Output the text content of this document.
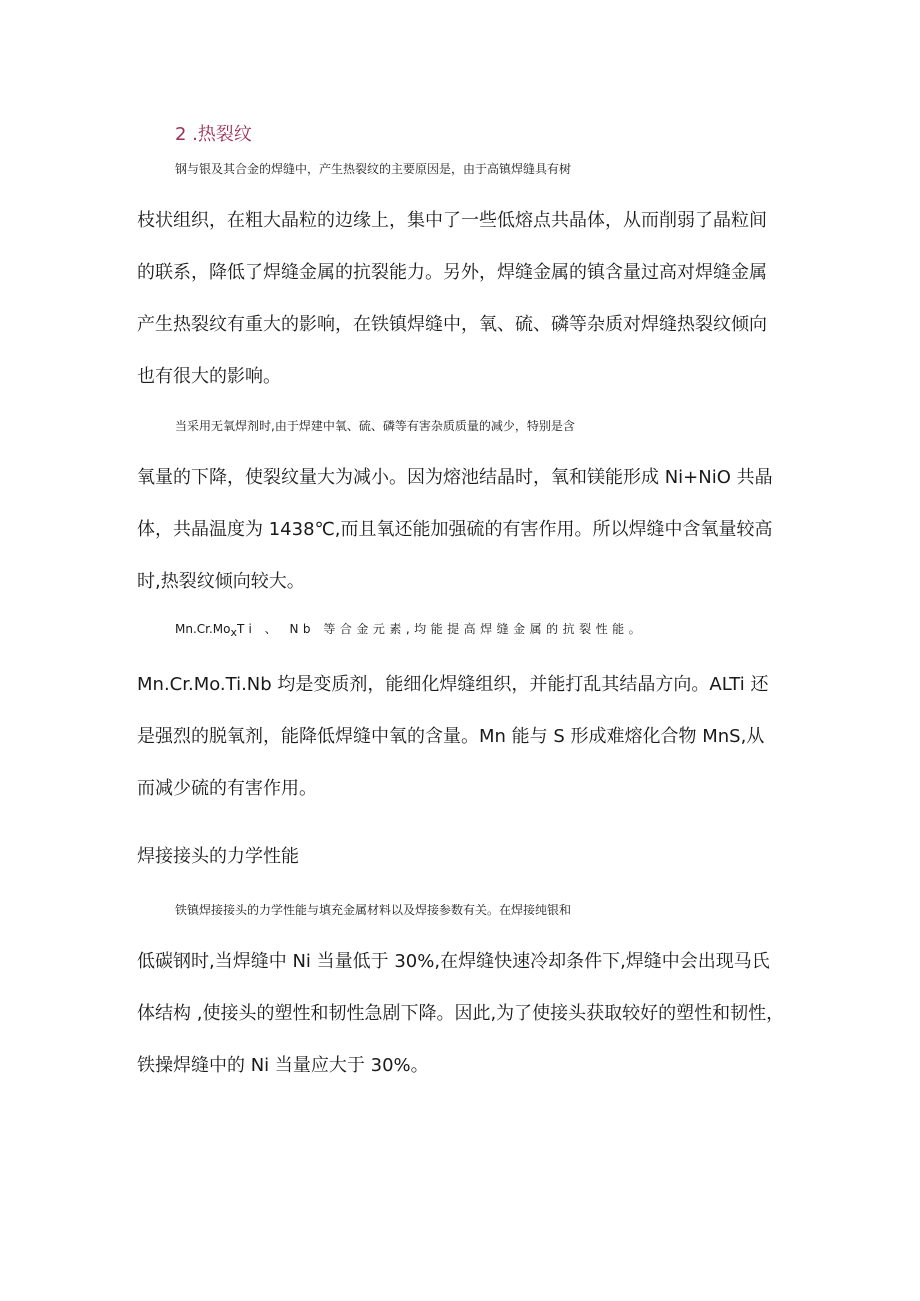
2 .热裂纹
钢与银及其合金的焊缝中，产生热裂纹的主要原因是，由于高镇焊缝具有树
枝状组织，在粗大晶粒的边缘上，集中了一些低熔点共晶体，从而削弱了晶粒间
的联系，降低了焊缝金属的抗裂能力。另外，焊缝金属的镇含量过高对焊缝金属
产生热裂纹有重大的影响，在铁镇焊缝中，氧、硫、磷等杂质对焊缝热裂纹倾向
也有很大的影响。
当采用无氧焊剂时,由于焊建中氧、硫、磷等有害杂质质量的减少，特别是含
氧量的下降，使裂纹量大为减小。因为熔池结晶时，氧和镁能形成 Ni+NiO 共晶
体，共晶温度为 1438℃,而且氧还能加强硫的有害作用。所以焊缝中含氧量较高
时,热裂纹倾向较大。
$Mn.Cr.Mo_xTi$ 、 Nb 等合金元素,均能提高焊缝金属的抗裂性能。
Mn.Cr.Mo.Ti.Nb 均是变质剂，能细化焊缝组织，并能打乱其结晶方向。ALTi 还
是强烈的脱氧剂，能降低焊缝中氧的含量。Mn 能与 S 形成难熔化合物 MnS,从
而减少硫的有害作用。
焊接接头的力学性能
铁镇焊接接头的力学性能与填充金属材料以及焊接参数有关。在焊接纯银和
低碳钢时,当焊缝中 Ni 当量低于 30%,在焊缝快速冷却条件下,焊缝中会出现马氏
体结构 ,使接头的塑性和韧性急剧下降。因此,为了使接头获取较好的塑性和韧性，
铁操焊缝中的 Ni 当量应大于 30%。
